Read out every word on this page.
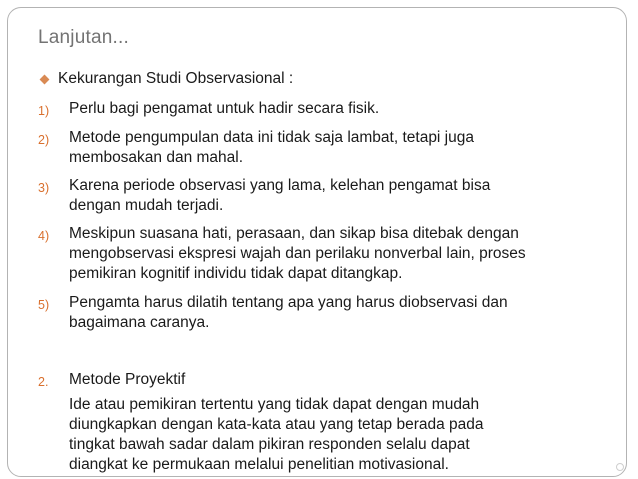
Lanjutan...
Kekurangan Studi Observasional :
1)	Perlu bagi pengamat untuk hadir secara fisik.
2)	Metode pengumpulan data ini tidak saja lambat, tetapi juga
membosakan dan mahal.
3)	Karena periode observasi yang lama, kelehan pengamat bisa
dengan mudah terjadi.
4)	Meskipun suasana hati, perasaan, dan sikap bisa ditebak dengan
mengobservasi ekspresi wajah dan perilaku nonverbal lain, proses
pemikiran kognitif individu tidak dapat ditangkap.
5)	Pengamta harus dilatih tentang apa yang harus diobservasi dan
bagaimana caranya.
2.	Metode Proyektif
Ide atau pemikiran tertentu yang tidak dapat dengan mudah
diungkapkan dengan kata-kata atau yang tetap berada pada
tingkat bawah sadar dalam pikiran responden selalu dapat
diangkat ke permukaan melalui penelitian motivasional.
